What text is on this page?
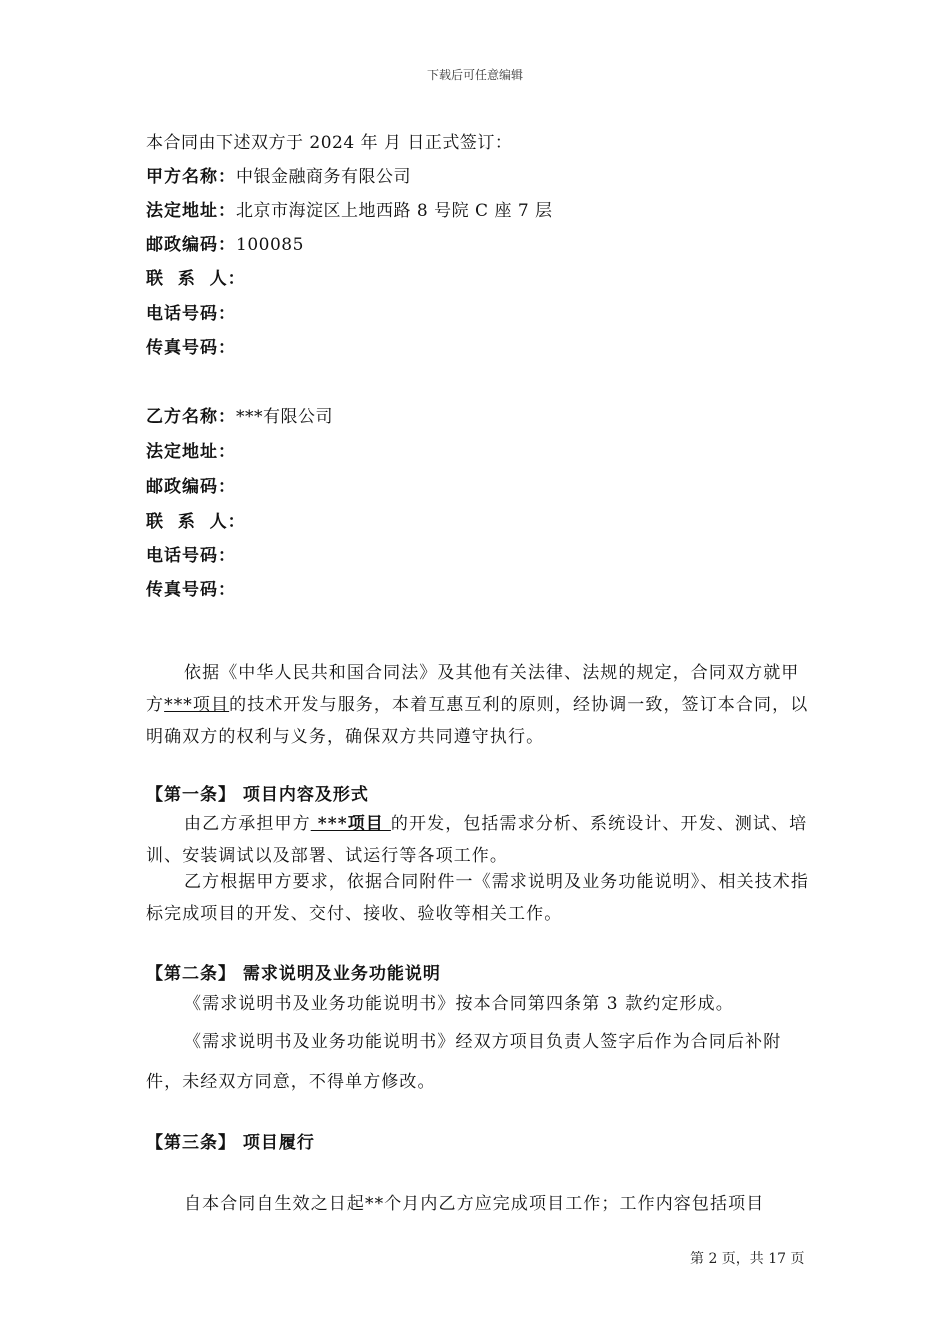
下载后可任意编辑
本合同由下述双方于 2024 年 月 日正式签订：
甲方名称：中银金融商务有限公司
法定地址：北京市海淀区上地西路 8 号院 C 座 7 层
邮政编码：100085
联  系  人：
电话号码：
传真号码：
乙方名称：***有限公司
法定地址：
邮政编码：
联  系  人：
电话号码：
传真号码：
依据《中华人民共和国合同法》及其他有关法律、法规的规定，合同双方就甲方***项目的技术开发与服务，本着互惠互利的原则，经协调一致，签订本合同，以明确双方的权利与义务，确保双方共同遵守执行。
【第一条】 项目内容及形式
由乙方承担甲方 ***项目 的开发，包括需求分析、系统设计、开发、测试、培训、安装调试以及部署、试运行等各项工作。
乙方根据甲方要求，依据合同附件一《需求说明及业务功能说明》、相关技术指标完成项目的开发、交付、接收、验收等相关工作。
【第二条】 需求说明及业务功能说明
《需求说明书及业务功能说明书》按本合同第四条第 3 款约定形成。
《需求说明书及业务功能说明书》经双方项目负责人签字后作为合同后补附件，未经双方同意，不得单方修改。
【第三条】 项目履行
自本合同自生效之日起**个月内乙方应完成项目工作；工作内容包括项目
第 2 页，共 17 页
